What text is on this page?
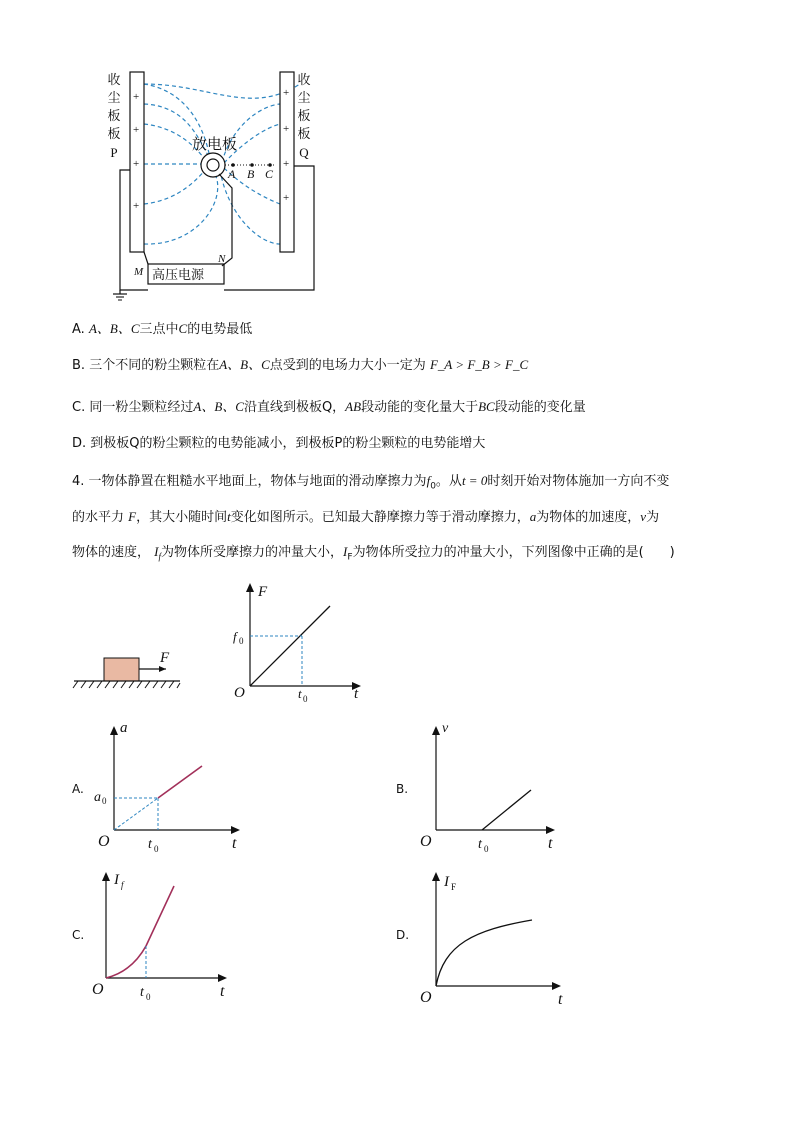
+
+
+
+
+
+
+
+
A B C
高压电源
M
N
放电板
收
尘
板
板
P
收
尘
板
板
Q
A. A、B、C三点中C的电势最低
B. 三个不同的粉尘颗粒在A、B、C点受到的电场力大小一定为 F_A > F_B > F_C
C. 同一粉尘颗粒经过A、B、C沿直线到极板Q，AB段动能的变化量大于BC段动能的变化量
D. 到极板Q的粉尘颗粒的电势能减小，到极板P的粉尘颗粒的电势能增大
4. 一物体静置在粗糙水平地面上，物体与地面的滑动摩擦力为$f_0$。从t = 0时刻开始对物体施加一方向不变
的水平力 F，其大小随时间t变化如图所示。已知最大静摩擦力等于滑动摩擦力，a为物体的加速度，v为
物体的速度， $I_f$为物体所受摩擦力的冲量大小，$I_F$为物体所受拉力的冲量大小，下列图像中正确的是(　　)
F
F
f 0
O	t 0	t
A.
a
a 0
O	t 0	t
B.
v
O	t 0	t
C.
I f
O	t 0	t
D.
I F
O	t
